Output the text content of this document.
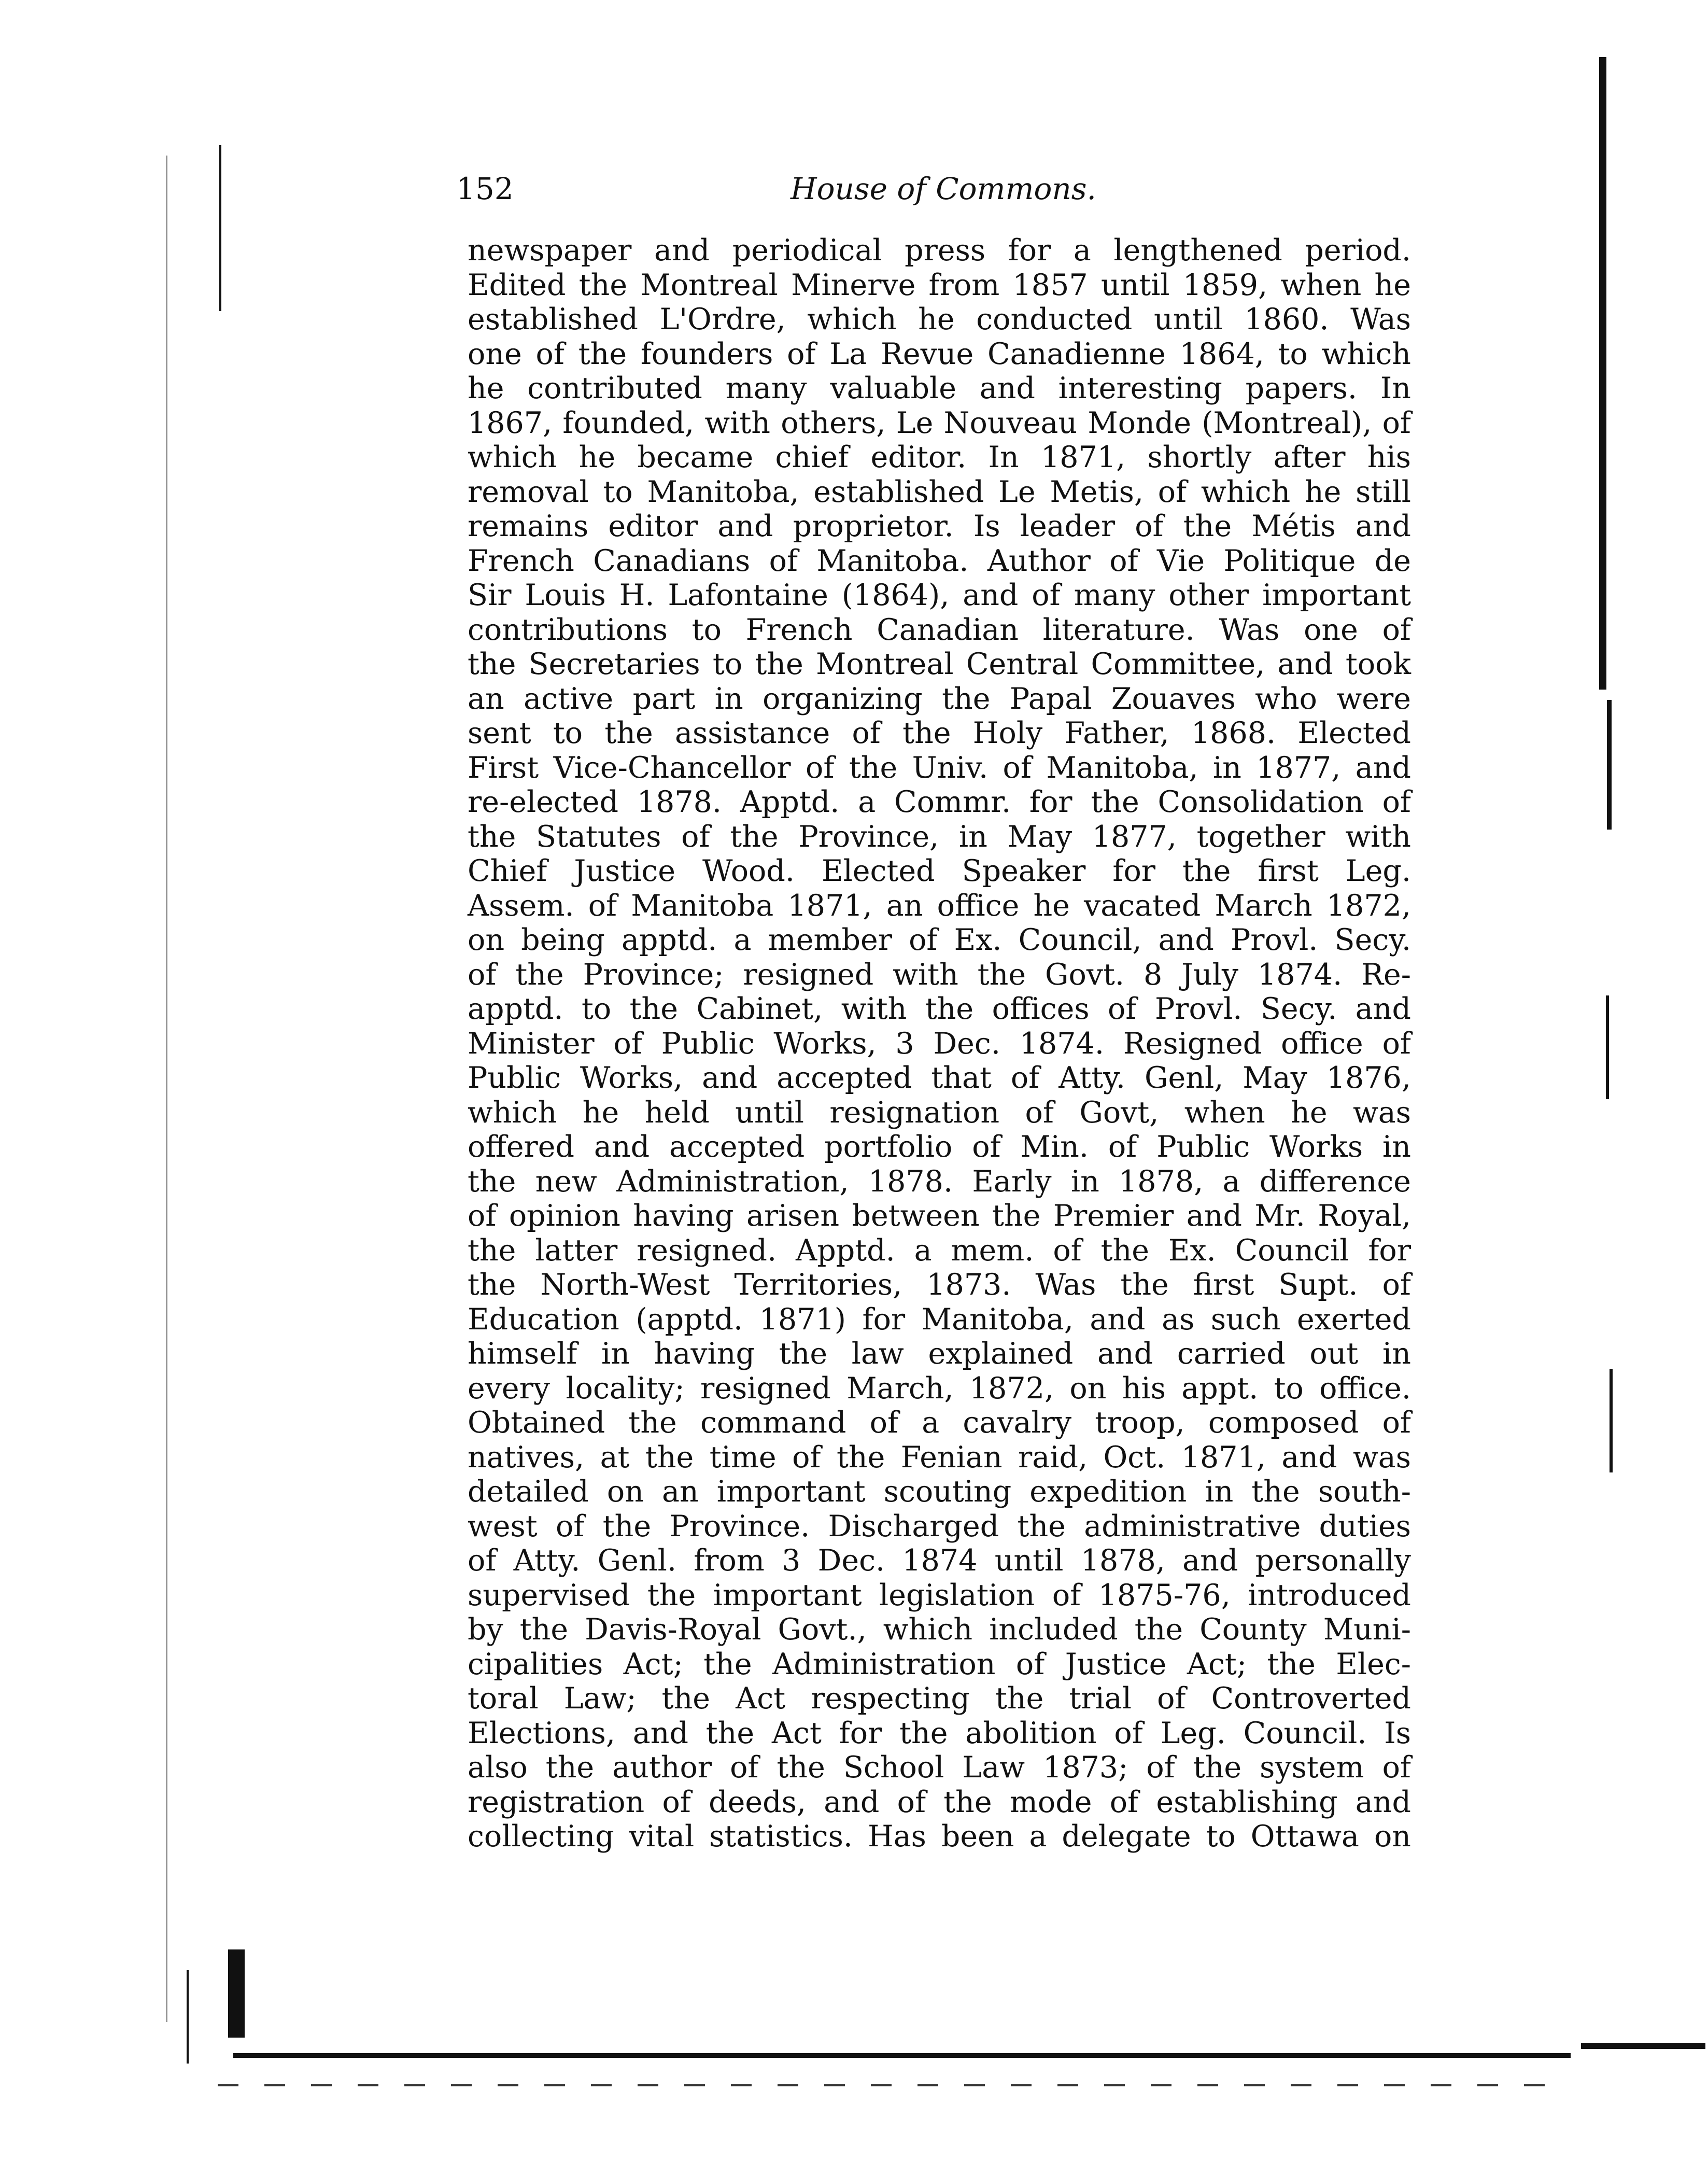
152	House of Commons.
newspaper and periodical press for a lengthened period.
Edited the Montreal Minerve from 1857 until 1859, when he
established L'Ordre, which he conducted until 1860. Was
one of the founders of La Revue Canadienne 1864, to which
he contributed many valuable and interesting papers. In
1867, founded, with others, Le Nouveau Monde (Montreal), of
which he became chief editor. In 1871, shortly after his
removal to Manitoba, established Le Metis, of which he still
remains editor and proprietor. Is leader of the Métis and
French Canadians of Manitoba. Author of Vie Politique de
Sir Louis H. Lafontaine (1864), and of many other important
contributions to French Canadian literature. Was one of
the Secretaries to the Montreal Central Committee, and took
an active part in organizing the Papal Zouaves who were
sent to the assistance of the Holy Father, 1868. Elected
First Vice-Chancellor of the Univ. of Manitoba, in 1877, and
re-elected 1878. Apptd. a Commr. for the Consolidation of
the Statutes of the Province, in May 1877, together with
Chief Justice Wood. Elected Speaker for the first Leg.
Assem. of Manitoba 1871, an office he vacated March 1872,
on being apptd. a member of Ex. Council, and Provl. Secy.
of the Province; resigned with the Govt. 8 July 1874. Re-
apptd. to the Cabinet, with the offices of Provl. Secy. and
Minister of Public Works, 3 Dec. 1874. Resigned office of
Public Works, and accepted that of Atty. Genl, May 1876,
which he held until resignation of Govt, when he was
offered and accepted portfolio of Min. of Public Works in
the new Administration, 1878. Early in 1878, a difference
of opinion having arisen between the Premier and Mr. Royal,
the latter resigned. Apptd. a mem. of the Ex. Council for
the North-West Territories, 1873. Was the first Supt. of
Education (apptd. 1871) for Manitoba, and as such exerted
himself in having the law explained and carried out in
every locality; resigned March, 1872, on his appt. to office.
Obtained the command of a cavalry troop, composed of
natives, at the time of the Fenian raid, Oct. 1871, and was
detailed on an important scouting expedition in the south-
west of the Province. Discharged the administrative duties
of Atty. Genl. from 3 Dec. 1874 until 1878, and personally
supervised the important legislation of 1875-76, introduced
by the Davis-Royal Govt., which included the County Muni-
cipalities Act; the Administration of Justice Act; the Elec-
toral Law; the Act respecting the trial of Controverted
Elections, and the Act for the abolition of Leg. Council. Is
also the author of the School Law 1873; of the system of
registration of deeds, and of the mode of establishing and
collecting vital statistics. Has been a delegate to Ottawa on
